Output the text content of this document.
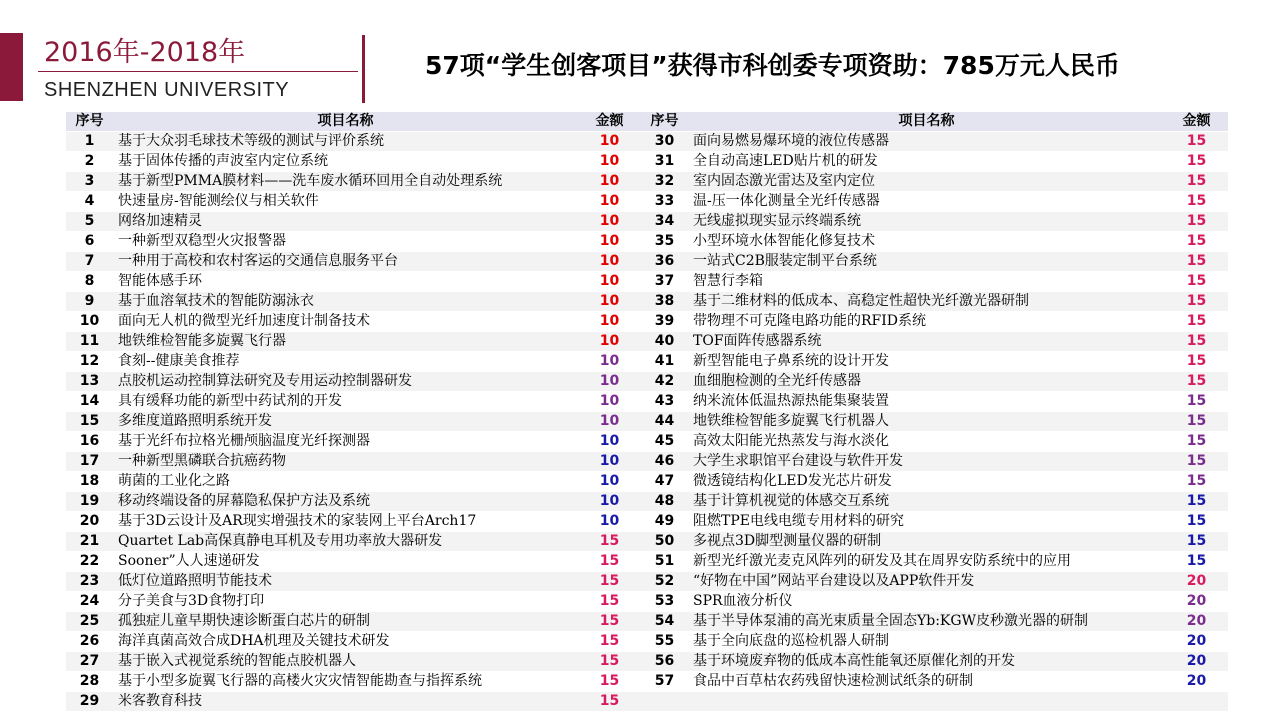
2016年-2018年
SHENZHEN UNIVERSITY
57项“学生创客项目”获得市科创委专项资助：785万元人民币
序号	项目名称	金额	序号	项目名称	金额
1	基于大众羽毛球技术等级的测试与评价系统	10	30	面向易燃易爆环境的液位传感器	15
2	基于固体传播的声波室内定位系统	10	31	全自动高速LED贴片机的研发	15
3	基于新型PMMA膜材料——洗车废水循环回用全自动处理系统	10	32	室内固态激光雷达及室内定位	15
4	快速量房-智能测绘仪与相关软件	10	33	温-压一体化测量全光纤传感器	15
5	网络加速精灵	10	34	无线虚拟现实显示终端系统	15
6	一种新型双稳型火灾报警器	10	35	小型环境水体智能化修复技术	15
7	一种用于高校和农村客运的交通信息服务平台	10	36	一站式C2B服装定制平台系统	15
8	智能体感手环	10	37	智慧行李箱	15
9	基于血溶氧技术的智能防溺泳衣	10	38	基于二维材料的低成本、高稳定性超快光纤激光器研制	15
10	面向无人机的微型光纤加速度计制备技术	10	39	带物理不可克隆电路功能的RFID系统	15
11	地铁维检智能多旋翼飞行器	10	40	TOF面阵传感器系统	15
12	食刻--健康美食推荐	10	41	新型智能电子鼻系统的设计开发	15
13	点胶机运动控制算法研究及专用运动控制器研发	10	42	血细胞检测的全光纤传感器	15
14	具有缓释功能的新型中药试剂的开发	10	43	纳米流体低温热源热能集聚装置	15
15	多维度道路照明系统开发	10	44	地铁维检智能多旋翼飞行机器人	15
16	基于光纤布拉格光栅颅脑温度光纤探测器	10	45	高效太阳能光热蒸发与海水淡化	15
17	一种新型黑磷联合抗癌药物	10	46	大学生求职馆平台建设与软件开发	15
18	萌菌的工业化之路	10	47	微透镜结构化LED发光芯片研发	15
19	移动终端设备的屏幕隐私保护方法及系统	10	48	基于计算机视觉的体感交互系统	15
20	基于3D云设计及AR现实增强技术的家装网上平台Arch17	10	49	阻燃TPE电线电缆专用材料的研究	15
21	Quartet Lab高保真静电耳机及专用功率放大器研发	15	50	多视点3D脚型测量仪器的研制	15
22	Sooner”人人速递研发	15	51	新型光纤激光麦克风阵列的研发及其在周界安防系统中的应用	15
23	低灯位道路照明节能技术	15	52	“好物在中国”网站平台建设以及APP软件开发	20
24	分子美食与3D食物打印	15	53	SPR血液分析仪	20
25	孤独症儿童早期快速诊断蛋白芯片的研制	15	54	基于半导体泵浦的高光束质量全固态Yb:KGW皮秒激光器的研制	20
26	海洋真菌高效合成DHA机理及关键技术研发	15	55	基于全向底盘的巡检机器人研制	20
27	基于嵌入式视觉系统的智能点胶机器人	15	56	基于环境废弃物的低成本高性能氧还原催化剂的开发	20
28	基于小型多旋翼飞行器的高楼火灾灾情智能勘查与指挥系统	15	57	食品中百草枯农药残留快速检测试纸条的研制	20
29	米客教育科技	15			
